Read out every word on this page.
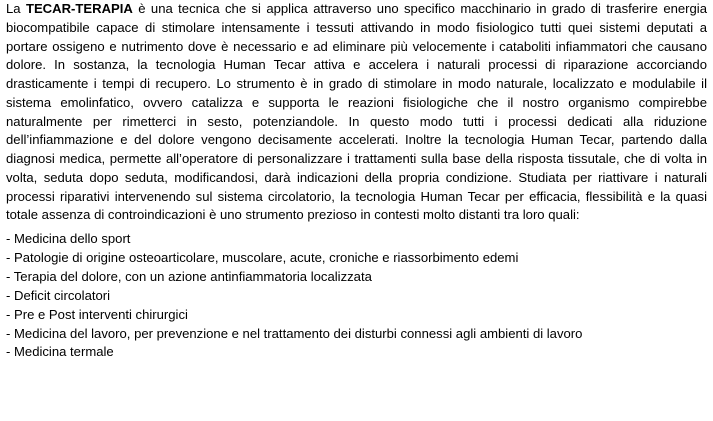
La TECAR-TERAPIA è una tecnica che si applica attraverso uno specifico macchinario in grado di trasferire energia biocompatibile capace di stimolare intensamente i tessuti attivando in modo fisiologico tutti quei sistemi deputati a portare ossigeno e nutrimento dove è necessario e ad eliminare più velocemente i cataboliti infiammatori che causano dolore. In sostanza, la tecnologia Human Tecar attiva e accelera i naturali processi di riparazione accorciando drasticamente i tempi di recupero. Lo strumento è in grado di stimolare in modo naturale, localizzato e modulabile il sistema emolinfatico, ovvero catalizza e supporta le reazioni fisiologiche che il nostro organismo compirebbe naturalmente per rimetterci in sesto, potenziandole. In questo modo tutti i processi dedicati alla riduzione dell’infiammazione e del dolore vengono decisamente accelerati. Inoltre la tecnologia Human Tecar, partendo dalla diagnosi medica, permette all’operatore di personalizzare i trattamenti sulla base della risposta tissutale, che di volta in volta, seduta dopo seduta, modificandosi, darà indicazioni della propria condizione. Studiata per riattivare i naturali processi riparativi intervenendo sul sistema circolatorio, la tecnologia Human Tecar per efficacia, flessibilità e la quasi totale assenza di controindicazioni è uno strumento prezioso in contesti molto distanti tra loro quali:

- Medicina dello sport
- Patologie di origine osteoarticolare, muscolare, acute, croniche e riassorbimento edemi
- Terapia del dolore, con un azione antinfiammatoria localizzata
- Deficit circolatori
- Pre e Post interventi chirurgici
- Medicina del lavoro, per prevenzione e nel trattamento dei disturbi connessi agli ambienti di lavoro
- Medicina termale
